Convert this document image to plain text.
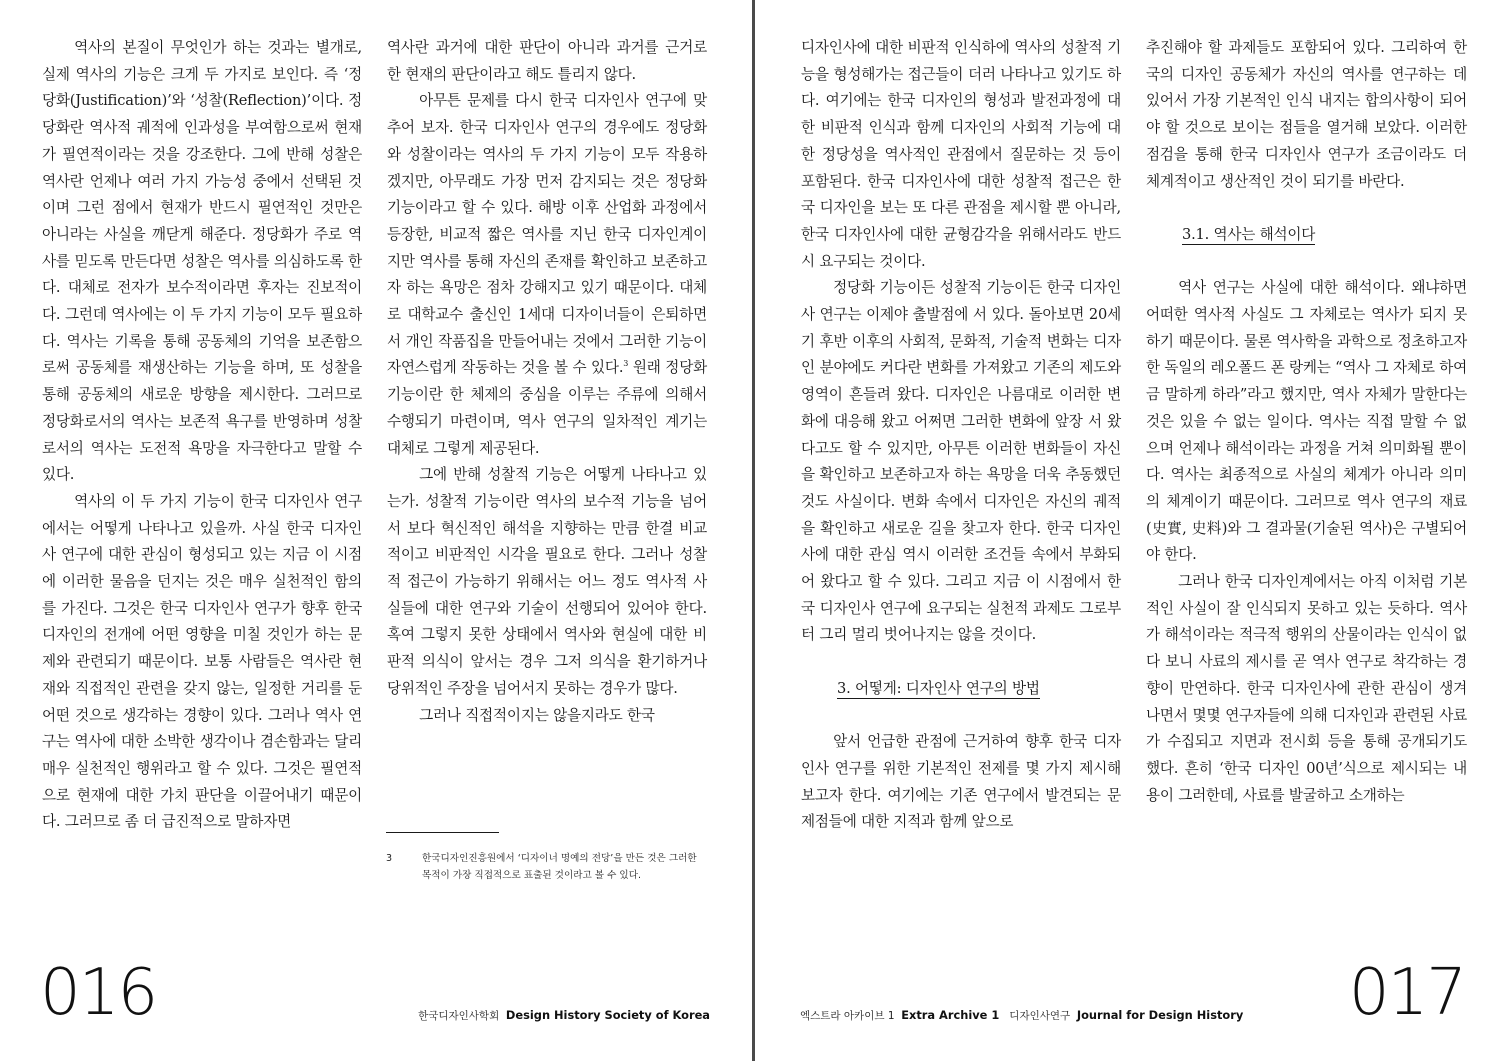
역사의 본질이 무엇인가 하는 것과는 별개로, 실제 역사의 기능은 크게 두 가지로 보인다. 즉 ‘정당화(Justification)’와 ‘성찰(Reflection)’이다. 정당화란 역사적 궤적에 인과성을 부여함으로써 현재가 필연적이라는 것을 강조한다. 그에 반해 성찰은 역사란 언제나 여러 가지 가능성 중에서 선택된 것이며 그런 점에서 현재가 반드시 필연적인 것만은 아니라는 사실을 깨닫게 해준다. 정당화가 주로 역사를 믿도록 만든다면 성찰은 역사를 의심하도록 한다. 대체로 전자가 보수적이라면 후자는 진보적이다. 그런데 역사에는 이 두 가지 기능이 모두 필요하다. 역사는 기록을 통해 공동체의 기억을 보존함으로써 공동체를 재생산하는 기능을 하며, 또 성찰을 통해 공동체의 새로운 방향을 제시한다. 그러므로 정당화로서의 역사는 보존적 욕구를 반영하며 성찰로서의 역사는 도전적 욕망을 자극한다고 말할 수 있다.

역사의 이 두 가지 기능이 한국 디자인사 연구에서는 어떻게 나타나고 있을까. 사실 한국 디자인사 연구에 대한 관심이 형성되고 있는 지금 이 시점에 이러한 물음을 던지는 것은 매우 실천적인 함의를 가진다. 그것은 한국 디자인사 연구가 향후 한국 디자인의 전개에 어떤 영향을 미칠 것인가 하는 문제와 관련되기 때문이다. 보통 사람들은 역사란 현재와 직접적인 관련을 갖지 않는, 일정한 거리를 둔 어떤 것으로 생각하는 경향이 있다. 그러나 역사 연구는 역사에 대한 소박한 생각이나 겸손함과는 달리 매우 실천적인 행위라고 할 수 있다. 그것은 필연적으로 현재에 대한 가치 판단을 이끌어내기 때문이다. 그러므로 좀 더 급진적으로 말하자면

역사란 과거에 대한 판단이 아니라 과거를 근거로 한 현재의 판단이라고 해도 틀리지 않다.

아무튼 문제를 다시 한국 디자인사 연구에 맞추어 보자. 한국 디자인사 연구의 경우에도 정당화와 성찰이라는 역사의 두 가지 기능이 모두 작용하겠지만, 아무래도 가장 먼저 감지되는 것은 정당화 기능이라고 할 수 있다. 해방 이후 산업화 과정에서 등장한, 비교적 짧은 역사를 지닌 한국 디자인계이지만 역사를 통해 자신의 존재를 확인하고 보존하고자 하는 욕망은 점차 강해지고 있기 때문이다. 대체로 대학교수 출신인 1세대 디자이너들이 은퇴하면서 개인 작품집을 만들어내는 것에서 그러한 기능이 자연스럽게 작동하는 것을 볼 수 있다.$^3$ 원래 정당화 기능이란 한 체제의 중심을 이루는 주류에 의해서 수행되기 마련이며, 역사 연구의 일차적인 계기는 대체로 그렇게 제공된다.

그에 반해 성찰적 기능은 어떻게 나타나고 있는가. 성찰적 기능이란 역사의 보수적 기능을 넘어서 보다 혁신적인 해석을 지향하는 만큼 한결 비교적이고 비판적인 시각을 필요로 한다. 그러나 성찰적 접근이 가능하기 위해서는 어느 정도 역사적 사실들에 대한 연구와 기술이 선행되어 있어야 한다. 혹여 그렇지 못한 상태에서 역사와 현실에 대한 비판적 의식이 앞서는 경우 그저 의식을 환기하거나 당위적인 주장을 넘어서지 못하는 경우가 많다.

그러나 직접적이지는 않을지라도 한국

3	한국디자인진흥원에서 ‘디자이너 명예의 전당’을 만든 것은 그러한 목적이 가장 직접적으로 표출된 것이라고 볼 수 있다.
016	한국디자인사학회 Design History Society of Korea

디자인사에 대한 비판적 인식하에 역사의 성찰적 기능을 형성해가는 접근들이 더러 나타나고 있기도 하다. 여기에는 한국 디자인의 형성과 발전과정에 대한 비판적 인식과 함께 디자인의 사회적 기능에 대한 정당성을 역사적인 관점에서 질문하는 것 등이 포함된다. 한국 디자인사에 대한 성찰적 접근은 한국 디자인을 보는 또 다른 관점을 제시할 뿐 아니라, 한국 디자인사에 대한 균형감각을 위해서라도 반드시 요구되는 것이다.

정당화 기능이든 성찰적 기능이든 한국 디자인사 연구는 이제야 출발점에 서 있다. 돌아보면 20세기 후반 이후의 사회적, 문화적, 기술적 변화는 디자인 분야에도 커다란 변화를 가져왔고 기존의 제도와 영역이 흔들려 왔다. 디자인은 나름대로 이러한 변화에 대응해 왔고 어쩌면 그러한 변화에 앞장 서 왔다고도 할 수 있지만, 아무튼 이러한 변화들이 자신을 확인하고 보존하고자 하는 욕망을 더욱 추동했던 것도 사실이다. 변화 속에서 디자인은 자신의 궤적을 확인하고 새로운 길을 찾고자 한다. 한국 디자인사에 대한 관심 역시 이러한 조건들 속에서 부화되어 왔다고 할 수 있다. 그리고 지금 이 시점에서 한국 디자인사 연구에 요구되는 실천적 과제도 그로부터 그리 멀리 벗어나지는 않을 것이다.

3. 어떻게: 디자인사 연구의 방법

앞서 언급한 관점에 근거하여 향후 한국 디자인사 연구를 위한 기본적인 전제를 몇 가지 제시해보고자 한다. 여기에는 기존 연구에서 발견되는 문제점들에 대한 지적과 함께 앞으로

추진해야 할 과제들도 포함되어 있다. 그리하여 한국의 디자인 공동체가 자신의 역사를 연구하는 데 있어서 가장 기본적인 인식 내지는 합의사항이 되어야 할 것으로 보이는 점들을 열거해 보았다. 이러한 점검을 통해 한국 디자인사 연구가 조금이라도 더 체계적이고 생산적인 것이 되기를 바란다.

3.1. 역사는 해석이다

역사 연구는 사실에 대한 해석이다. 왜냐하면 어떠한 역사적 사실도 그 자체로는 역사가 되지 못하기 때문이다. 물론 역사학을 과학으로 정초하고자 한 독일의 레오폴드 폰 랑케는 “역사 그 자체로 하여금 말하게 하라”라고 했지만, 역사 자체가 말한다는 것은 있을 수 없는 일이다. 역사는 직접 말할 수 없으며 언제나 해석이라는 과정을 거쳐 의미화될 뿐이다. 역사는 최종적으로 사실의 체계가 아니라 의미의 체계이기 때문이다. 그러므로 역사 연구의 재료(史實, 史料)와 그 결과물(기술된 역사)은 구별되어야 한다.

그러나 한국 디자인계에서는 아직 이처럼 기본적인 사실이 잘 인식되지 못하고 있는 듯하다. 역사가 해석이라는 적극적 행위의 산물이라는 인식이 없다 보니 사료의 제시를 곧 역사 연구로 착각하는 경향이 만연하다. 한국 디자인사에 관한 관심이 생겨나면서 몇몇 연구자들에 의해 디자인과 관련된 사료가 수집되고 지면과 전시회 등을 통해 공개되기도 했다. 흔히 ‘한국 디자인 00년’식으로 제시되는 내용이 그러한데, 사료를 발굴하고 소개하는

엑스트라 아카이브 1 Extra Archive 1 디자인사연구 Journal for Design History 017
